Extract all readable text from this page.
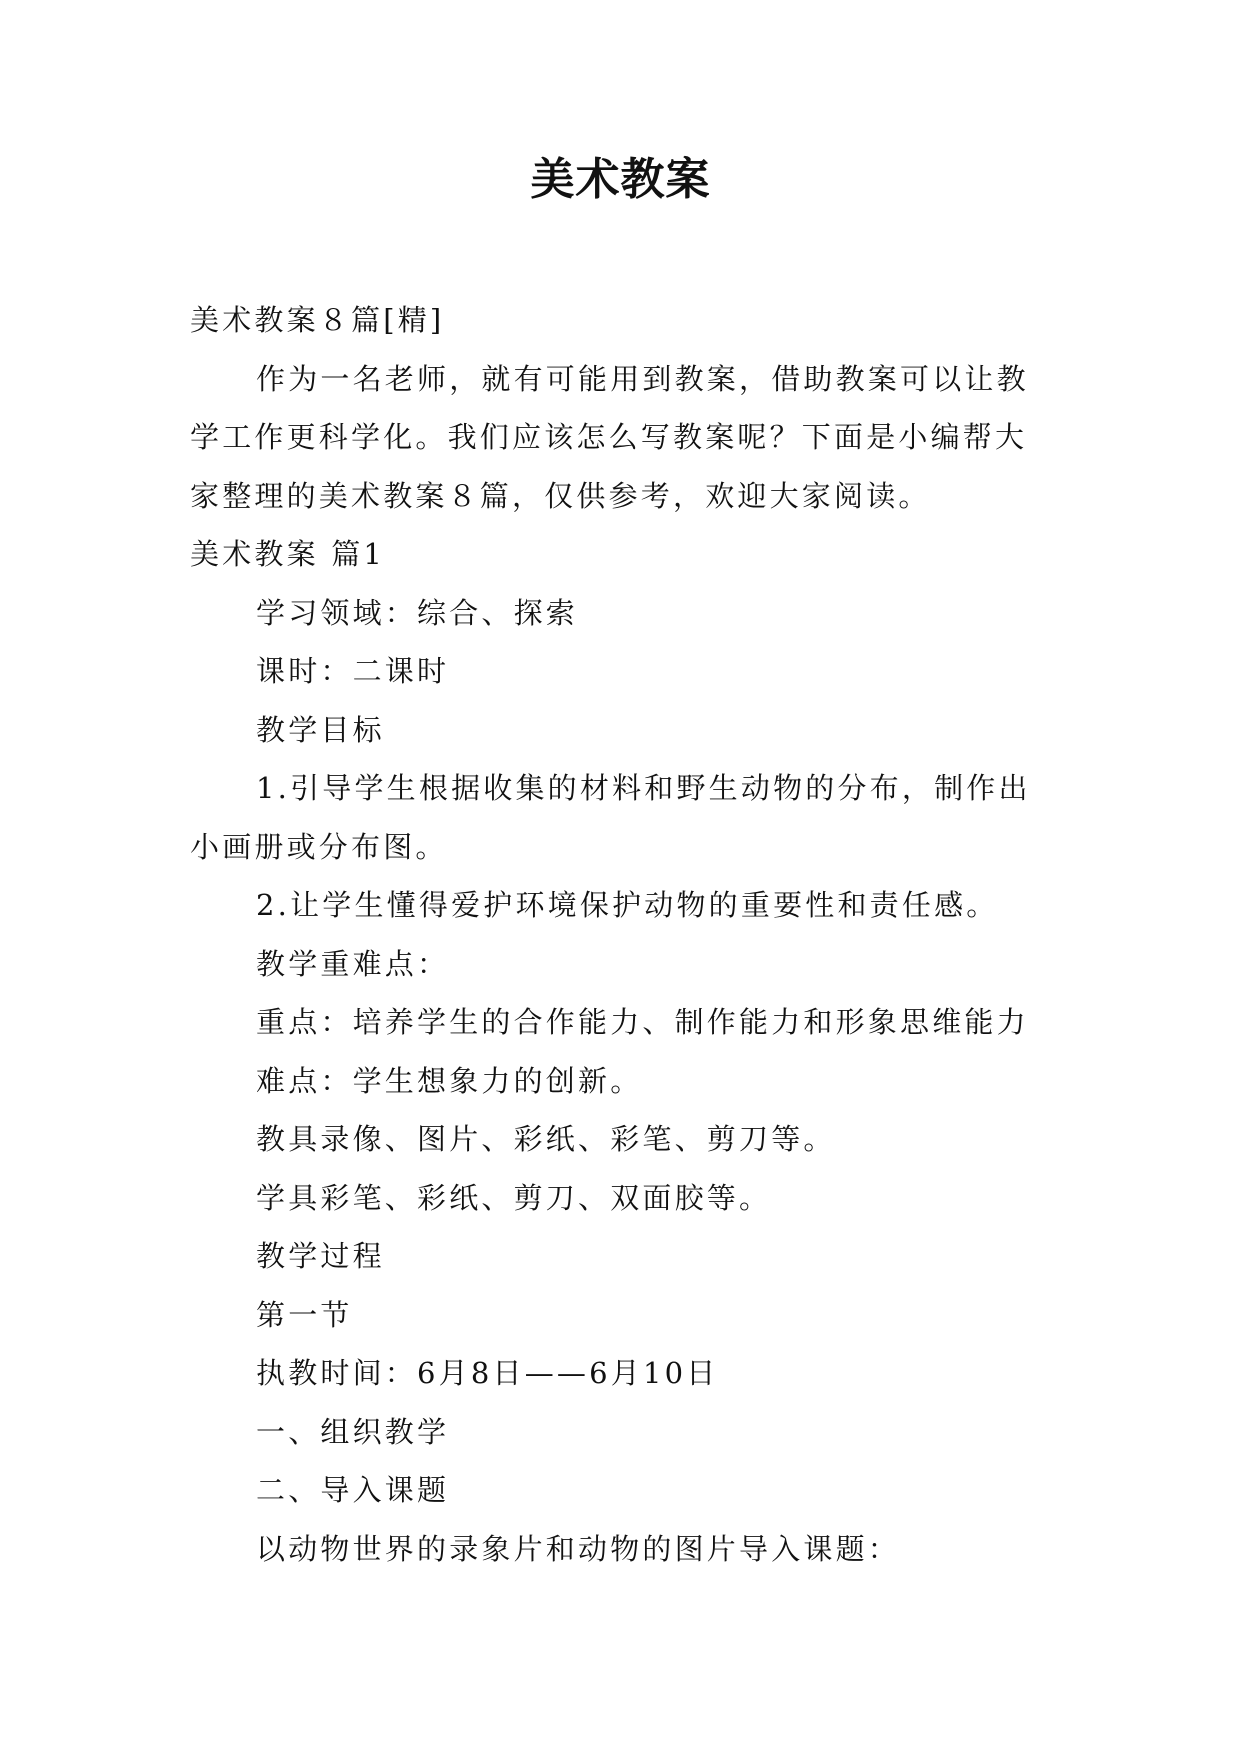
美术教案

美术教案８篇[精]

作为一名老师，就有可能用到教案，借助教案可以让教学工作更科学化。我们应该怎么写教案呢？下面是小编帮大家整理的美术教案８篇，仅供参考，欢迎大家阅读。

美术教案 篇1

学习领域：综合、探索

课时：二课时

教学目标

1.引导学生根据收集的材料和野生动物的分布，制作出小画册或分布图。

2.让学生懂得爱护环境保护动物的重要性和责任感。

教学重难点：

重点：培养学生的合作能力、制作能力和形象思维能力

难点：学生想象力的创新。

教具录像、图片、彩纸、彩笔、剪刀等。

学具彩笔、彩纸、剪刀、双面胶等。

教学过程

第一节

执教时间：6月8日——6月10日

一、组织教学

二、导入课题

以动物世界的录象片和动物的图片导入课题：
